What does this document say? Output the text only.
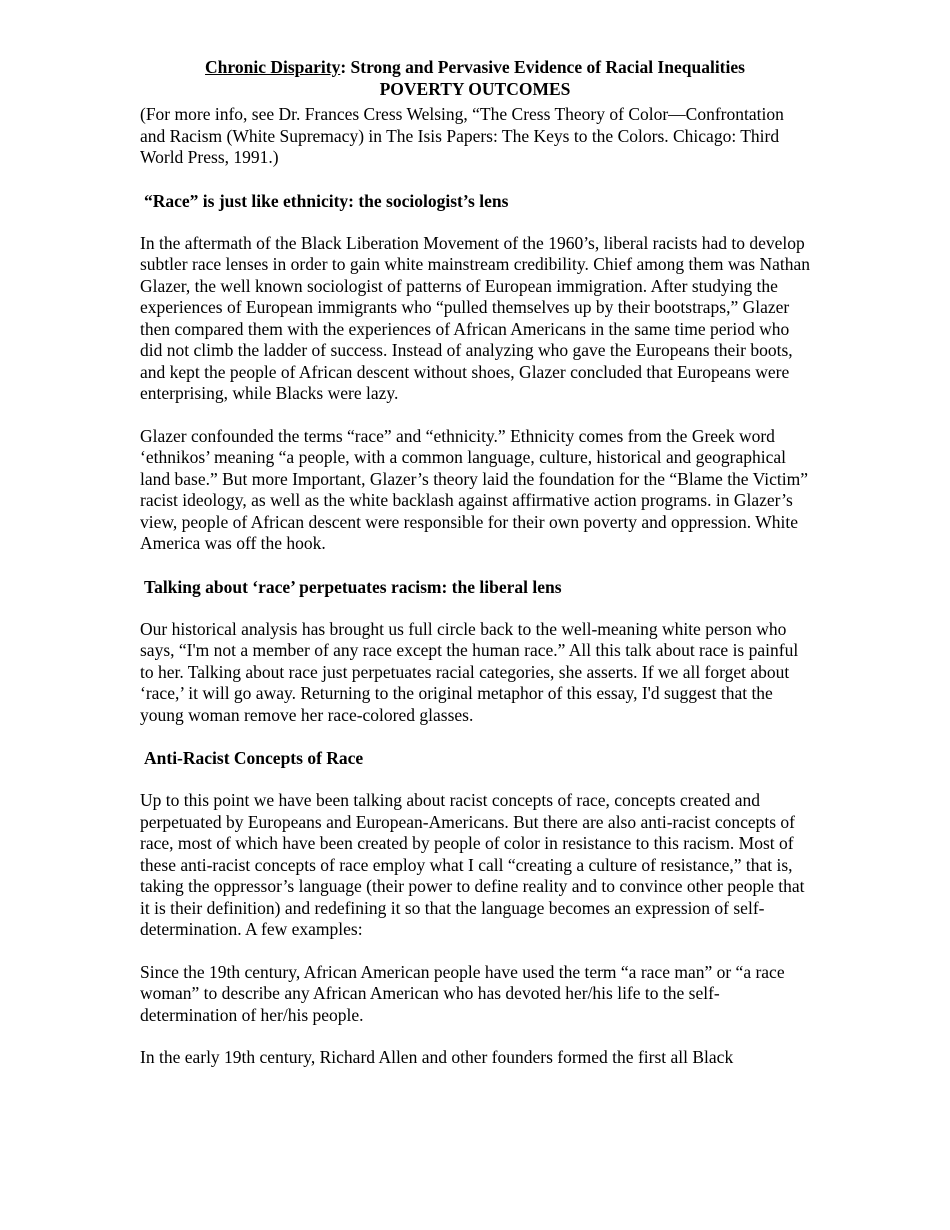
Chronic Disparity: Strong and Pervasive Evidence of Racial Inequalities
POVERTY OUTCOMES

(For more info, see Dr. Frances Cress Welsing, “The Cress Theory of Color—Confrontation and Racism (White Supremacy) in The Isis Papers: The Keys to the Colors. Chicago: Third World Press, 1991.)

“Race” is just like ethnicity: the sociologist’s lens

In the aftermath of the Black Liberation Movement of the 1960’s, liberal racists had to develop subtler race lenses in order to gain white mainstream credibility. Chief among them was Nathan Glazer, the well known sociologist of patterns of European immigration. After studying the experiences of European immigrants who “pulled themselves up by their bootstraps,” Glazer then compared them with the experiences of African Americans in the same time period who did not climb the ladder of success. Instead of analyzing who gave the Europeans their boots, and kept the people of African descent without shoes, Glazer concluded that Europeans were enterprising, while Blacks were lazy.

Glazer confounded the terms “race” and “ethnicity.” Ethnicity comes from the Greek word ‘ethnikos’ meaning “a people, with a common language, culture, historical and geographical land base.” But more Important, Glazer’s theory laid the foundation for the “Blame the Victim” racist ideology, as well as the white backlash against affirmative action programs. in Glazer’s view, people of African descent were responsible for their own poverty and oppression. White America was off the hook.

Talking about ‘race’ perpetuates racism: the liberal lens

Our historical analysis has brought us full circle back to the well-meaning white person who says, “I'm not a member of any race except the human race.” All this talk about race is painful to her. Talking about race just perpetuates racial categories, she asserts. If we all forget about ‘race,’ it will go away. Returning to the original metaphor of this essay, I'd suggest that the young woman remove her race-colored glasses.

Anti-Racist Concepts of Race

Up to this point we have been talking about racist concepts of race, concepts created and perpetuated by Europeans and European-Americans. But there are also anti-racist concepts of race, most of which have been created by people of color in resistance to this racism. Most of these anti-racist concepts of race employ what I call “creating a culture of resistance,” that is, taking the oppressor’s language (their power to define reality and to convince other people that it is their definition) and redefining it so that the language becomes an expression of self-determination. A few examples:

Since the 19th century, African American people have used the term “a race man” or “a race woman” to describe any African American who has devoted her/his life to the self-determination of her/his people.

In the early 19th century, Richard Allen and other founders formed the first all Black
